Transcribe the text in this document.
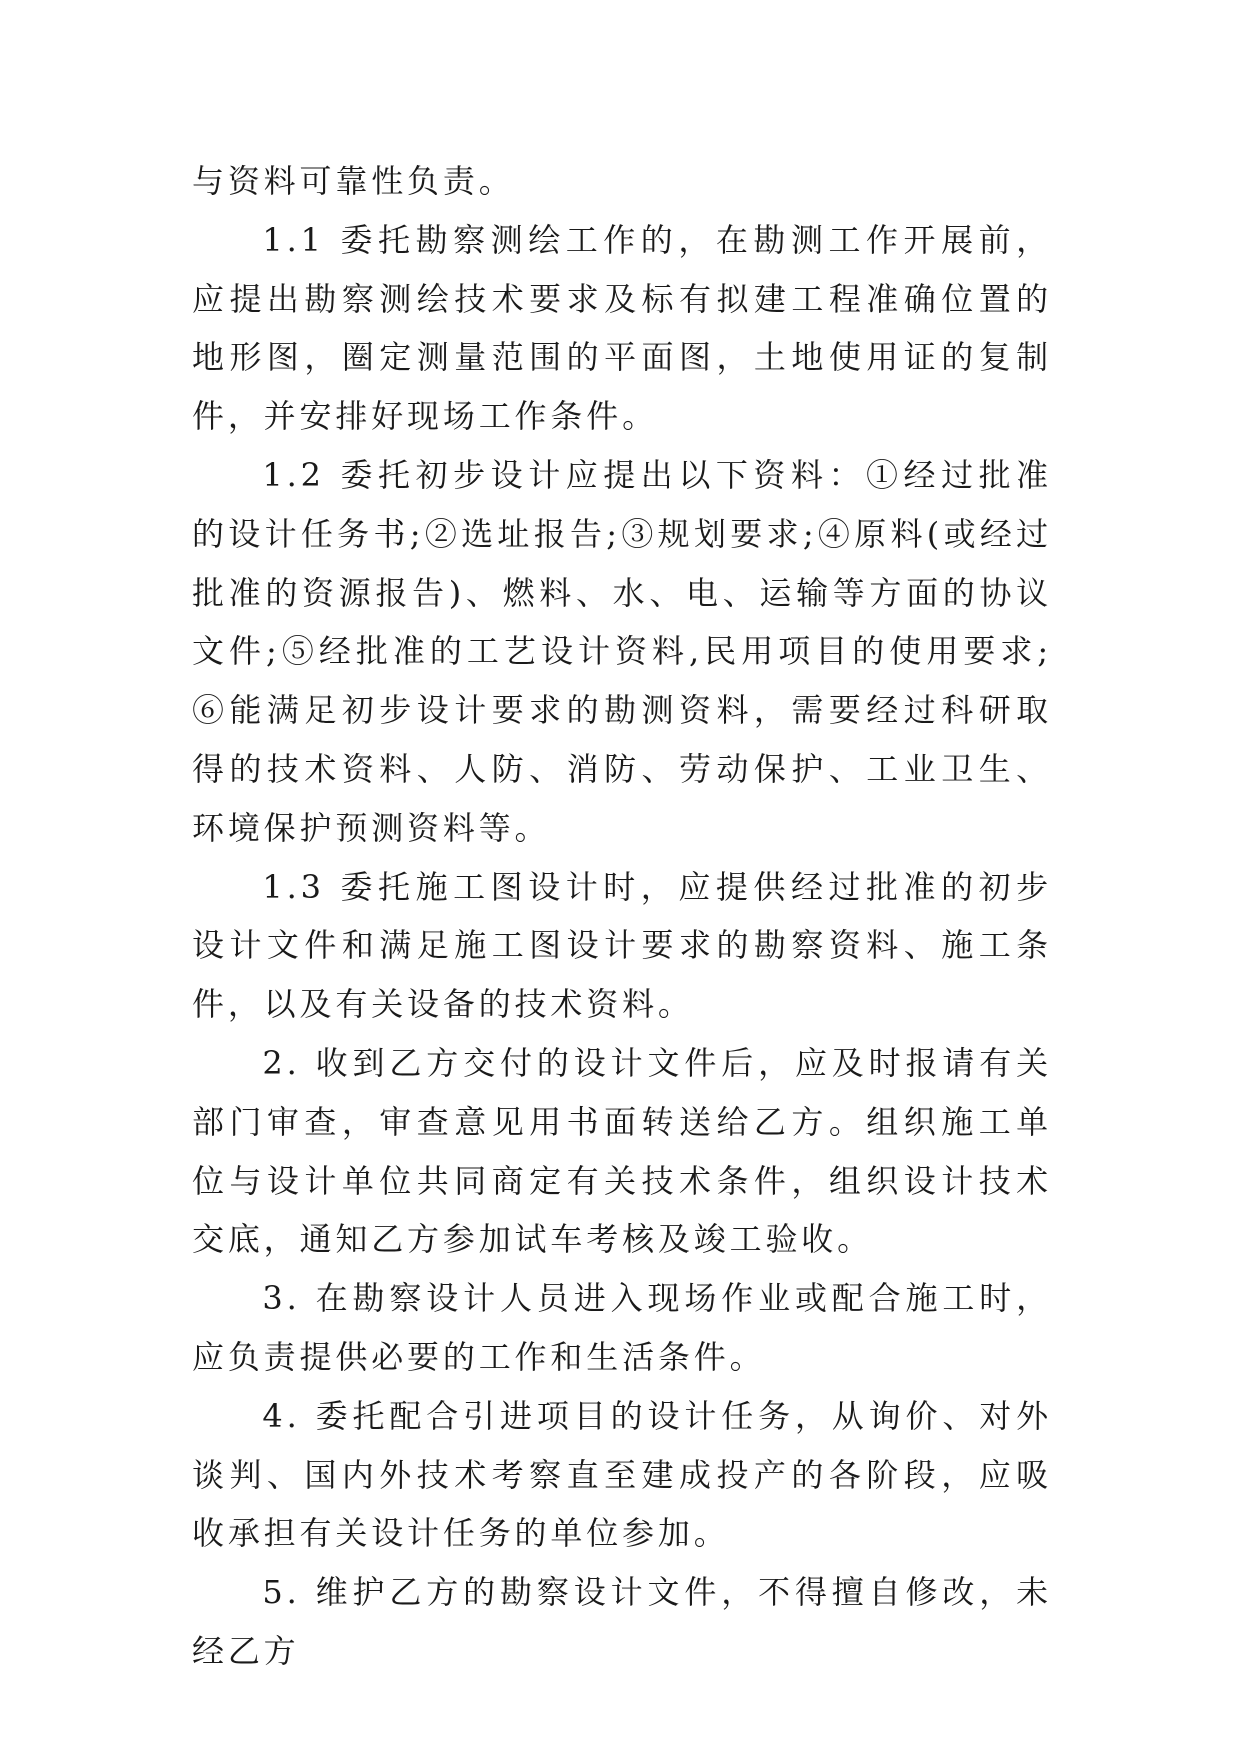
与资料可靠性负责。

1.1 委托勘察测绘工作的，在勘测工作开展前，应提出勘察测绘技术要求及标有拟建工程准确位置的地形图，圈定测量范围的平面图，土地使用证的复制件，并安排好现场工作条件。

1.2 委托初步设计应提出以下资料：①经过批准的设计任务书;②选址报告;③规划要求;④原料(或经过批准的资源报告)、燃料、水、电、运输等方面的协议文件;⑤经批准的工艺设计资料,民用项目的使用要求;⑥能满足初步设计要求的勘测资料，需要经过科研取得的技术资料、人防、消防、劳动保护、工业卫生、环境保护预测资料等。

1.3 委托施工图设计时，应提供经过批准的初步设计文件和满足施工图设计要求的勘察资料、施工条件，以及有关设备的技术资料。

2. 收到乙方交付的设计文件后，应及时报请有关部门审查，审查意见用书面转送给乙方。组织施工单位与设计单位共同商定有关技术条件，组织设计技术交底，通知乙方参加试车考核及竣工验收。

3. 在勘察设计人员进入现场作业或配合施工时，应负责提供必要的工作和生活条件。

4. 委托配合引进项目的设计任务，从询价、对外谈判、国内外技术考察直至建成投产的各阶段，应吸收承担有关设计任务的单位参加。

5. 维护乙方的勘察设计文件，不得擅自修改，未经乙方
